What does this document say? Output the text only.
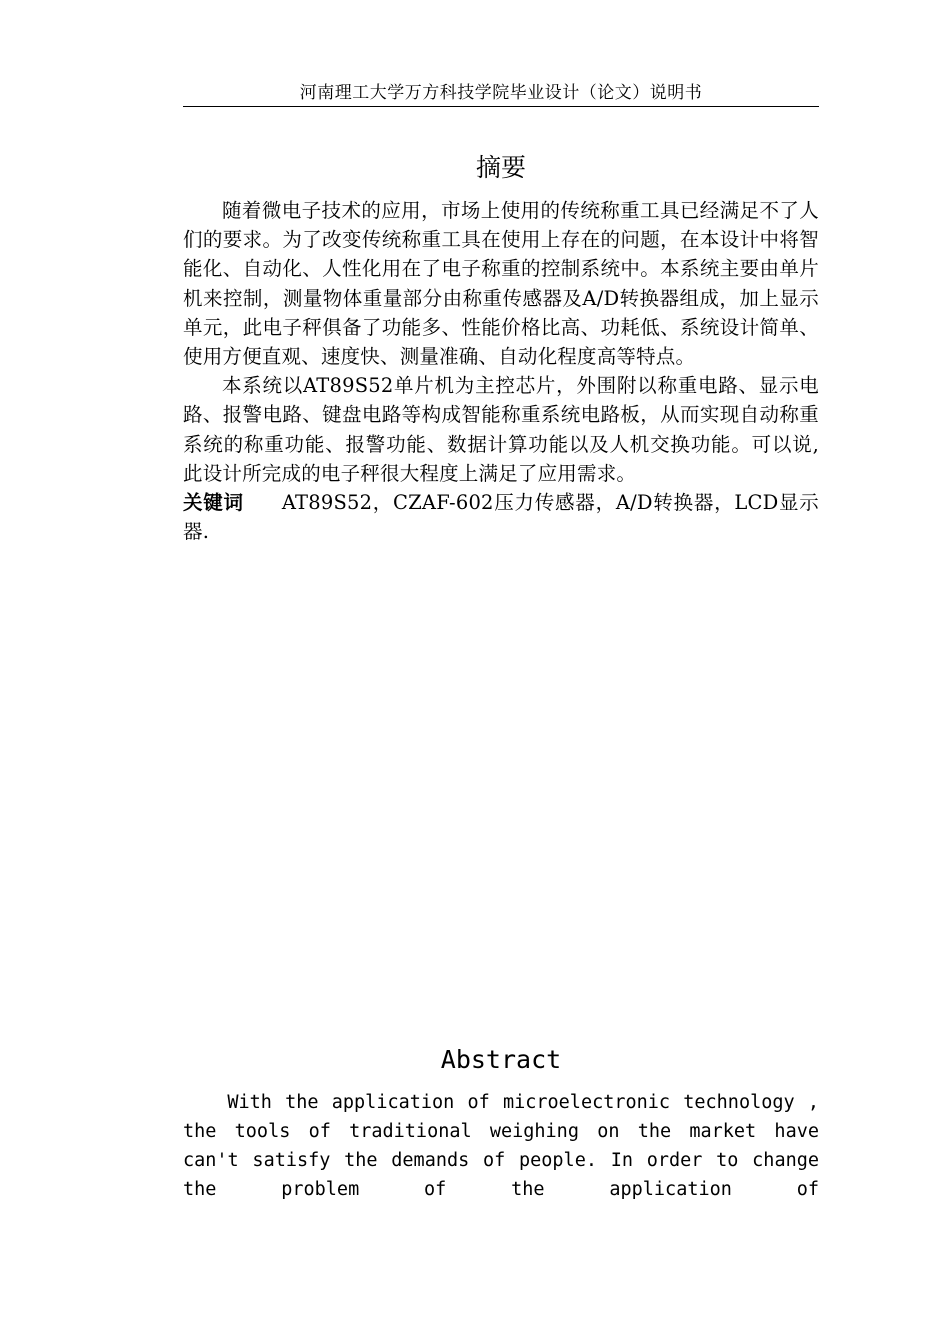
河南理工大学万方科技学院毕业设计（论文）说明书
摘要

随着微电子技术的应用，市场上使用的传统称重工具已经满足不了人们的要求。为了改变传统称重工具在使用上存在的问题，在本设计中将智能化、自动化、人性化用在了电子称重的控制系统中。本系统主要由单片机来控制，测量物体重量部分由称重传感器及A/D转换器组成，加上显示单元，此电子秤俱备了功能多、性能价格比高、功耗低、系统设计简单、使用方便直观、速度快、测量准确、自动化程度高等特点。

本系统以AT89S52单片机为主控芯片，外围附以称重电路、显示电路、报警电路、键盘电路等构成智能称重系统电路板，从而实现自动称重系统的称重功能、报警功能、数据计算功能以及人机交换功能。可以说,此设计所完成的电子秤很大程度上满足了应用需求。

关键词 AT89S52，CZAF-602压力传感器，A/D转换器，LCD显示器.

Abstract

With the application of microelectronic technology , the tools of traditional weighing on the market have can't satisfy the demands of people. In order to change the problem of the application of
